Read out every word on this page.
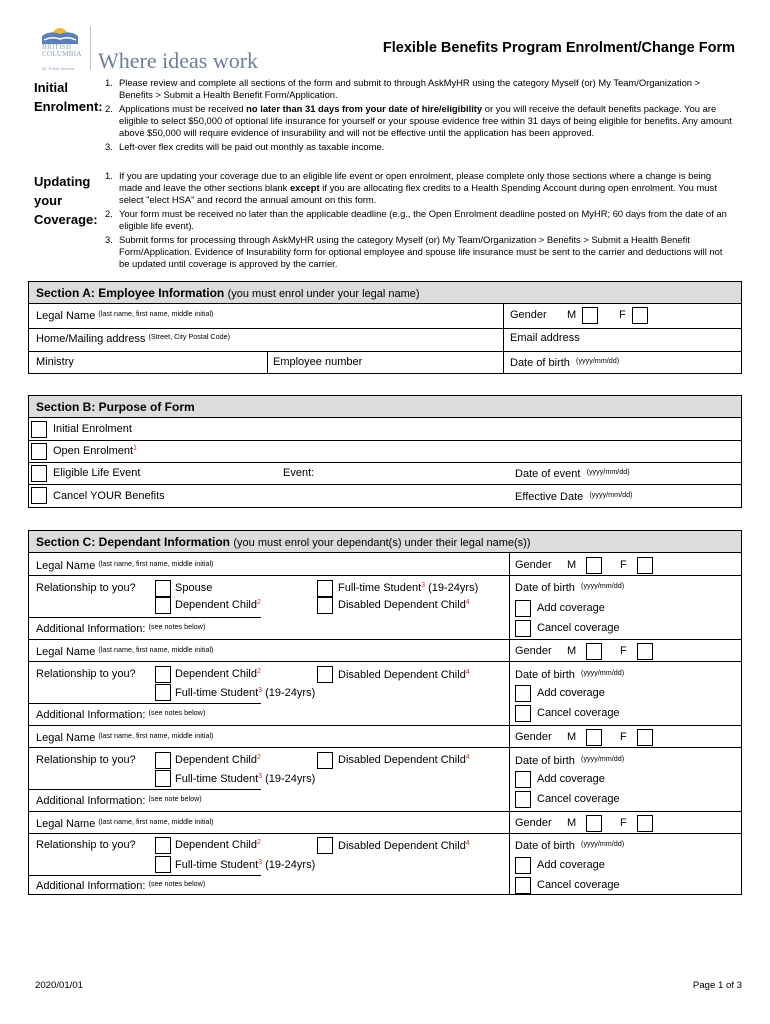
BRITISH COLUMBIA
BC Public Service Where ideas work	Flexible Benefits Program Enrolment/Change Form
Initial
Enrolment:
1. Please review and complete all sections of the form and submit to through AskMyHR using the category Myself (or) My Team/Organization > Benefits > Submit a Health Benefit Form/Application.
2. Applications must be received no later than 31 days from your date of hire/eligibility or you will receive the default benefits package. You are eligible to select $50,000 of optional life insurance for yourself or your spouse evidence free within 31 days of being eligible for benefits. Any amount above $50,000 will require evidence of insurability and will not be effective until the application has been approved.
3. Left-over flex credits will be paid out monthly as taxable income.
Updating
your
Coverage:
1. If you are updating your coverage due to an eligible life event or open enrolment, please complete only those sections where a change is being made and leave the other sections blank except if you are allocating flex credits to a Health Spending Account during open enrolment. You must select "elect HSA" and record the annual amount on this form.
2. Your form must be received no later than the applicable deadline (e.g., the Open Enrolment deadline posted on MyHR; 60 days from the date of an eligible life event).
3. Submit forms for processing through AskMyHR using the category Myself (or) My Team/Organization > Benefits > Submit a Health Benefit Form/Application. Evidence of Insurability form for optional employee and spouse life insurance must be sent to the carrier and deductions will not be updated until coverage is approved by the carrier.
Section A: Employee Information (you must enrol under your legal name)
Legal Name $^{(last name, first name, middle initial)}$	Gender M	F
Home/Mailing address $^{(Street, City Postal Code)}$	Email address
Ministry	Employee number	Date of birth $^{(yyyy/mm/dd)}$
Section B: Purpose of Form
Initial Enrolment
Open Enrolment$^1$
Eligible Life Event	Event:	Date of event $^{(yyyy/mm/dd)}$
Cancel YOUR Benefits	Effective Date $^{(yyyy/mm/dd)}$
Section C: Dependant Information (you must enrol your dependant(s) under their legal name(s))
Legal Name $^{(last name, first name, middle initial)}$	Gender M	F
Relationship to you?	Spouse	Full-time Student$^3$ (19-24yrs)
Dependent Child$^2$	Disabled Dependent Child$^4$
Date of birth $^{(yyyy/mm/dd)}$
Add coverage
Cancel coverage
Additional Information: $^{(see notes below)}$
Legal Name $^{(last name, first name, middle initial)}$	Gender M	F
Relationship to you?	Dependent Child$^2$	Disabled Dependent Child$^4$
Full-time Student$^3$ (19-24yrs)
Date of birth $^{(yyyy/mm/dd)}$
Add coverage
Cancel coverage
Additional Information: $^{(see notes below)}$
Legal Name $^{(last name, first name, middle initial)}$	Gender M	F
Relationship to you?	Dependent Child$^2$	Disabled Dependent Child$^4$
Full-time Student$^3$ (19-24yrs)
Date of birth $^{(yyyy/mm/dd)}$
Add coverage
Cancel coverage
Additional Information: $^{(see note below)}$
Legal Name $^{(last name, first name, middle initial)}$	Gender M	F
Relationship to you?	Dependent Child$^2$	Disabled Dependent Child$^4$
Full-time Student$^3$ (19-24yrs)
Date of birth $^{(yyyy/mm/dd)}$
Add coverage
Cancel coverage
Additional Information: $^{(see notes below)}$
2020/01/01	Page 1 of 3
